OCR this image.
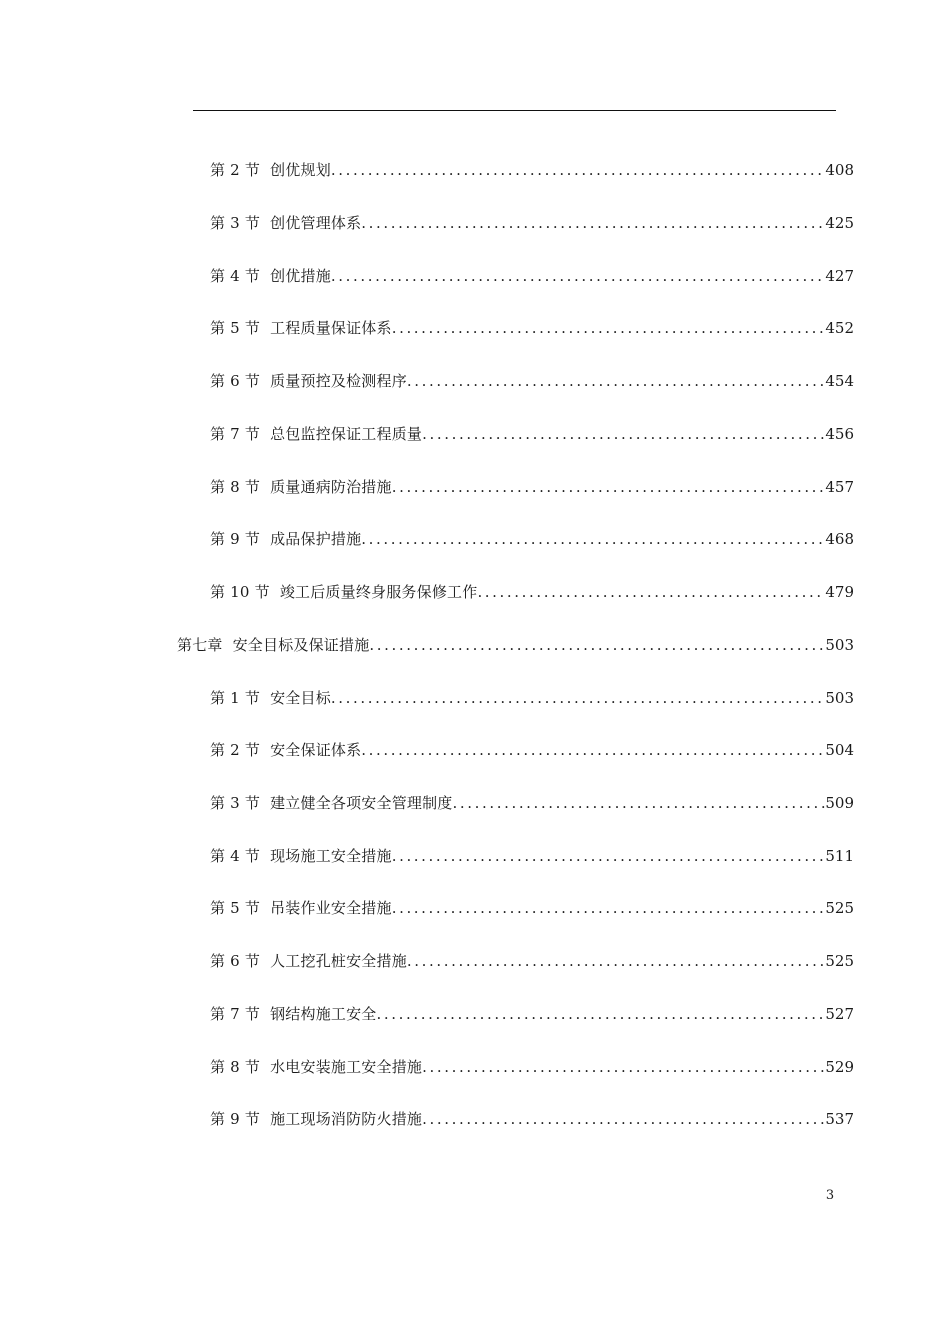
第 2 节 创优规划 .....	408
第 3 节 创优管理体系 .....	425
第 4 节 创优措施 .....	427
第 5 节 工程质量保证体系 .....	452
第 6 节 质量预控及检测程序 .....	454
第 7 节 总包监控保证工程质量 .....	456
第 8 节 质量通病防治措施 .....	457
第 9 节 成品保护措施 .....	468
第 10 节 竣工后质量终身服务保修工作 .....	479
第七章 安全目标及保证措施 .....	503
第 1 节 安全目标 .....	503
第 2 节 安全保证体系 .....	504
第 3 节 建立健全各项安全管理制度 .....	509
第 4 节 现场施工安全措施 .....	511
第 5 节 吊装作业安全措施 .....	525
第 6 节 人工挖孔桩安全措施 .....	525
第 7 节 钢结构施工安全 .....	527
第 8 节 水电安装施工安全措施 .....	529
第 9 节 施工现场消防防火措施 .....	537
3
